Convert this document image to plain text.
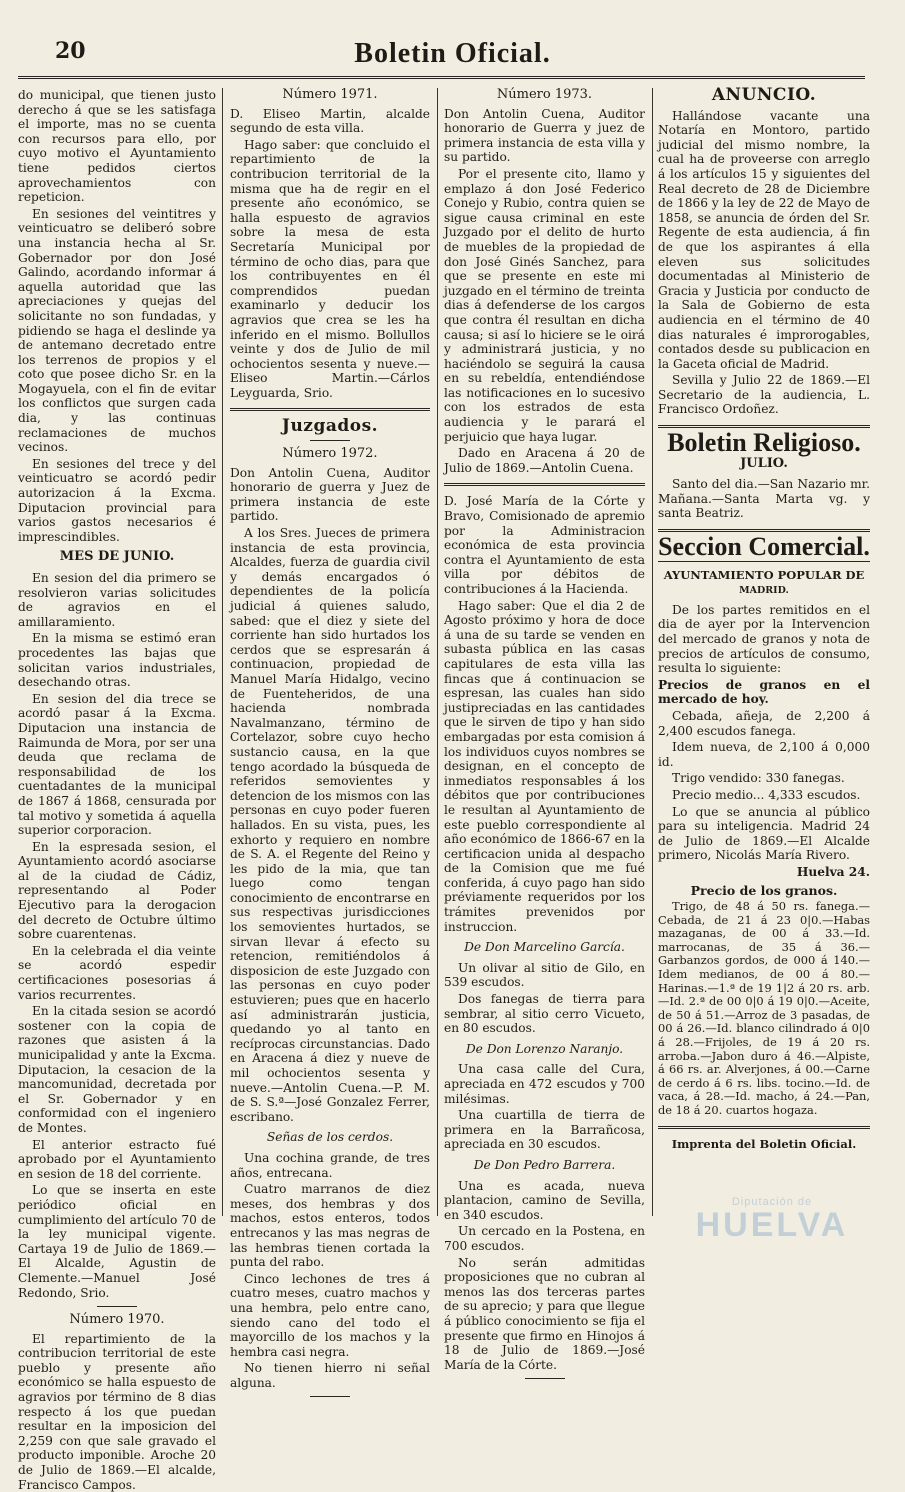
20	Boletin Oficial.

do municipal, que tienen justo derecho á que se les satisfaga el importe, mas no se cuenta con recursos para ello, por cuyo motivo el Ayuntamiento tiene pedidos ciertos aprovechamientos con repeticion.

En sesiones del veintitres y veinticuatro se deliberó sobre una instancia hecha al Sr. Gobernador por don José Galindo, acordando informar á aquella autoridad que las apreciaciones y quejas del solicitante no son fundadas, y pidiendo se haga el deslinde ya de antemano decretado entre los terrenos de propios y el coto que posee dicho Sr. en la Mogayuela, con el fin de evitar los conflictos que surgen cada dia, y las continuas reclamaciones de muchos vecinos.

En sesiones del trece y del veinticuatro se acordó pedir autorizacion á la Excma. Diputacion provincial para varios gastos necesarios é imprescindibles.

MES DE JUNIO.

En sesion del dia primero se resolvieron varias solicitudes de agravios en el amillaramiento.

En la misma se estimó eran procedentes las bajas que solicitan varios industriales, desechando otras.

En sesion del dia trece se acordó pasar á la Excma. Diputacion una instancia de Raimunda de Mora, por ser una deuda que reclama de responsabilidad de los cuentadantes de la municipal de 1867 á 1868, censurada por tal motivo y sometida á aquella superior corporacion.

En la espresada sesion, el Ayuntamiento acordó asociarse al de la ciudad de Cádiz, representando al Poder Ejecutivo para la derogacion del decreto de Octubre último sobre cuarentenas.

En la celebrada el dia veinte se acordó espedir certificaciones posesorias á varios recurrentes.

En la citada sesion se acordó sostener con la copia de razones que asisten á la municipalidad y ante la Excma. Diputacion, la cesacion de la mancomunidad, decretada por el Sr. Gobernador y en conformidad con el ingeniero de Montes.

El anterior estracto fué aprobado por el Ayuntamiento en sesion de 18 del corriente.

Lo que se inserta en este periódico oficial en cumplimiento del artículo 70 de la ley municipal vigente. Cartaya 19 de Julio de 1869.—El Alcalde, Agustin de Clemente.—Manuel José Redondo, Srio.

Número 1970.

El repartimiento de la contribucion territorial de este pueblo y presente año económico se halla espuesto de agravios por término de 8 dias respecto á los que puedan resultar en la imposicion del 2,259 con que sale gravado el producto imponible. Aroche 20 de Julio de 1869.—El alcalde, Francisco Campos.

Número 1971.

D. Eliseo Martin, alcalde segundo de esta villa.

Hago saber: que concluido el repartimiento de la contribucion territorial de la misma que ha de regir en el presente año económico, se halla espuesto de agravios sobre la mesa de esta Secretaría Municipal por término de ocho dias, para que los contribuyentes en él comprendidos puedan examinarlo y deducir los agravios que crea se les ha inferido en el mismo. Bollullos veinte y dos de Julio de mil ochocientos sesenta y nueve.—Eliseo Martin.—Cárlos Leyguarda, Srio.

Juzgados.
Número 1972.

Don Antolin Cuena, Auditor honorario de guerra y Juez de primera instancia de este partido.

A los Sres. Jueces de primera instancia de esta provincia, Alcaldes, fuerza de guardia civil y demás encargados ó dependientes de la policía judicial á quienes saludo, sabed: que el diez y siete del corriente han sido hurtados los cerdos que se espresarán á continuacion, propiedad de Manuel María Hidalgo, vecino de Fuenteheridos, de una hacienda nombrada Navalmanzano, término de Cortelazor, sobre cuyo hecho sustancio causa, en la que tengo acordado la búsqueda de referidos semovientes y detencion de los mismos con las personas en cuyo poder fueren hallados. En su vista, pues, les exhorto y requiero en nombre de S. A. el Regente del Reino y les pido de la mia, que tan luego como tengan conocimiento de encontrarse en sus respectivas jurisdicciones los semovientes hurtados, se sirvan llevar á efecto su retencion, remitiéndolos á disposicion de este Juzgado con las personas en cuyo poder estuvieren; pues que en hacerlo así administrarán justicia, quedando yo al tanto en recíprocas circunstancias. Dado en Aracena á diez y nueve de mil ochocientos sesenta y nueve.—Antolin Cuena.—P. M. de S. S.ª—José Gonzalez Ferrer, escribano.

Señas de los cerdos.

Una cochina grande, de tres años, entrecana.

Cuatro marranos de diez meses, dos hembras y dos machos, estos enteros, todos entrecanos y las mas negras de las hembras tienen cortada la punta del rabo.

Cinco lechones de tres á cuatro meses, cuatro machos y una hembra, pelo entre cano, siendo cano del todo el mayorcillo de los machos y la hembra casi negra.

No tienen hierro ni señal alguna.

Número 1973.

Don Antolin Cuena, Auditor honorario de Guerra y juez de primera instancia de esta villa y su partido.

Por el presente cito, llamo y emplazo á don José Federico Conejo y Rubio, contra quien se sigue causa criminal en este Juzgado por el delito de hurto de muebles de la propiedad de don José Ginés Sanchez, para que se presente en este mi juzgado en el término de treinta dias á defenderse de los cargos que contra él resultan en dicha causa; si así lo hiciere se le oirá y administrará justicia, y no haciéndolo se seguirá la causa en su rebeldía, entendiéndose las notificaciones en lo sucesivo con los estrados de esta audiencia y le parará el perjuicio que haya lugar.

Dado en Aracena á 20 de Julio de 1869.—Antolin Cuena.

D. José María de la Córte y Bravo, Comisionado de apremio por la Administracion económica de esta provincia contra el Ayuntamiento de esta villa por débitos de contribuciones á la Hacienda.

Hago saber: Que el dia 2 de Agosto próximo y hora de doce á una de su tarde se venden en subasta pública en las casas capitulares de esta villa las fincas que á continuacion se espresan, las cuales han sido justipreciadas en las cantidades que le sirven de tipo y han sido embargadas por esta comision á los individuos cuyos nombres se designan, en el concepto de inmediatos responsables á los débitos que por contribuciones le resultan al Ayuntamiento de este pueblo correspondiente al año económico de 1866-67 en la certificacion unida al despacho de la Comision que me fué conferida, á cuyo pago han sido préviamente requeridos por los trámites prevenidos por instruccion.

De Don Marcelino García.

Un olivar al sitio de Gilo, en 539 escudos.

Dos fanegas de tierra para sembrar, al sitio cerro Vicueto, en 80 escudos.

De Don Lorenzo Naranjo.

Una casa calle del Cura, apreciada en 472 escudos y 700 milésimas.

Una cuartilla de tierra de primera en la Barrañcosa, apreciada en 30 escudos.

De Don Pedro Barrera.

Una es acada, nueva plantacion, camino de Sevilla, en 340 escudos.

Un cercado en la Postena, en 700 escudos.

No serán admitidas proposiciones que no cubran al menos las dos terceras partes de su aprecio; y para que llegue á público conocimiento se fija el presente que firmo en Hinojos á 18 de Julio de 1869.—José María de la Córte.

ANUNCIO.

Hallándose vacante una Notaría en Montoro, partido judicial del mismo nombre, la cual ha de proveerse con arreglo á los artículos 15 y siguientes del Real decreto de 28 de Diciembre de 1866 y la ley de 22 de Mayo de 1858, se anuncia de órden del Sr. Regente de esta audiencia, á fin de que los aspirantes á ella eleven sus solicitudes documentadas al Ministerio de Gracia y Justicia por conducto de la Sala de Gobierno de esta audiencia en el término de 40 dias naturales é improrogables, contados desde su publicacion en la Gaceta oficial de Madrid.

Sevilla y Julio 22 de 1869.—El Secretario de la audiencia, L. Francisco Ordoñez.

Boletin Religioso.
JULIO.

Santo del dia.—San Nazario mr. Mañana.—Santa Marta vg. y santa Beatriz.

Seccion Comercial.
AYUNTAMIENTO POPULAR DE
MADRID.

De los partes remitidos en el dia de ayer por la Intervencion del mercado de granos y nota de precios de artículos de consumo, resulta lo siguiente:

Precios de granos en el mercado de hoy.

Cebada, añeja, de 2,200 á 2,400 escudos fanega.

Idem nueva, de 2,100 á 0,000 id.

Trigo vendido: 330 fanegas.

Precio medio... 4,333 escudos.

Lo que se anuncia al público para su inteligencia. Madrid 24 de Julio de 1869.—El Alcalde primero, Nicolás María Rivero.

Huelva 24.

Precio de los granos.

Trigo, de 48 á 50 rs. fanega.—Cebada, de 21 á 23 0|0.—Habas mazaganas, de 00 á 33.—Id. marrocanas, de 35 á 36.—Garbanzos gordos, de 000 á 140.—Idem medianos, de 00 á 80.—Harinas.—1.ª de 19 1|2 á 20 rs. arb.—Id. 2.ª de 00 0|0 á 19 0|0.—Aceite, de 50 á 51.—Arroz de 3 pasadas, de 00 á 26.—Id. blanco cilindrado á 0|0 á 28.—Frijoles, de 19 á 20 rs. arroba.—Jabon duro á 46.—Alpiste, á 66 rs. ar. Alverjones, á 00.—Carne de cerdo á 6 rs. libs. tocino.—Id. de vaca, á 28.—Id. macho, á 24.—Pan, de 18 á 20. cuartos hogaza.

Imprenta del Boletin Oficial.
Diputación de
HUELVA
